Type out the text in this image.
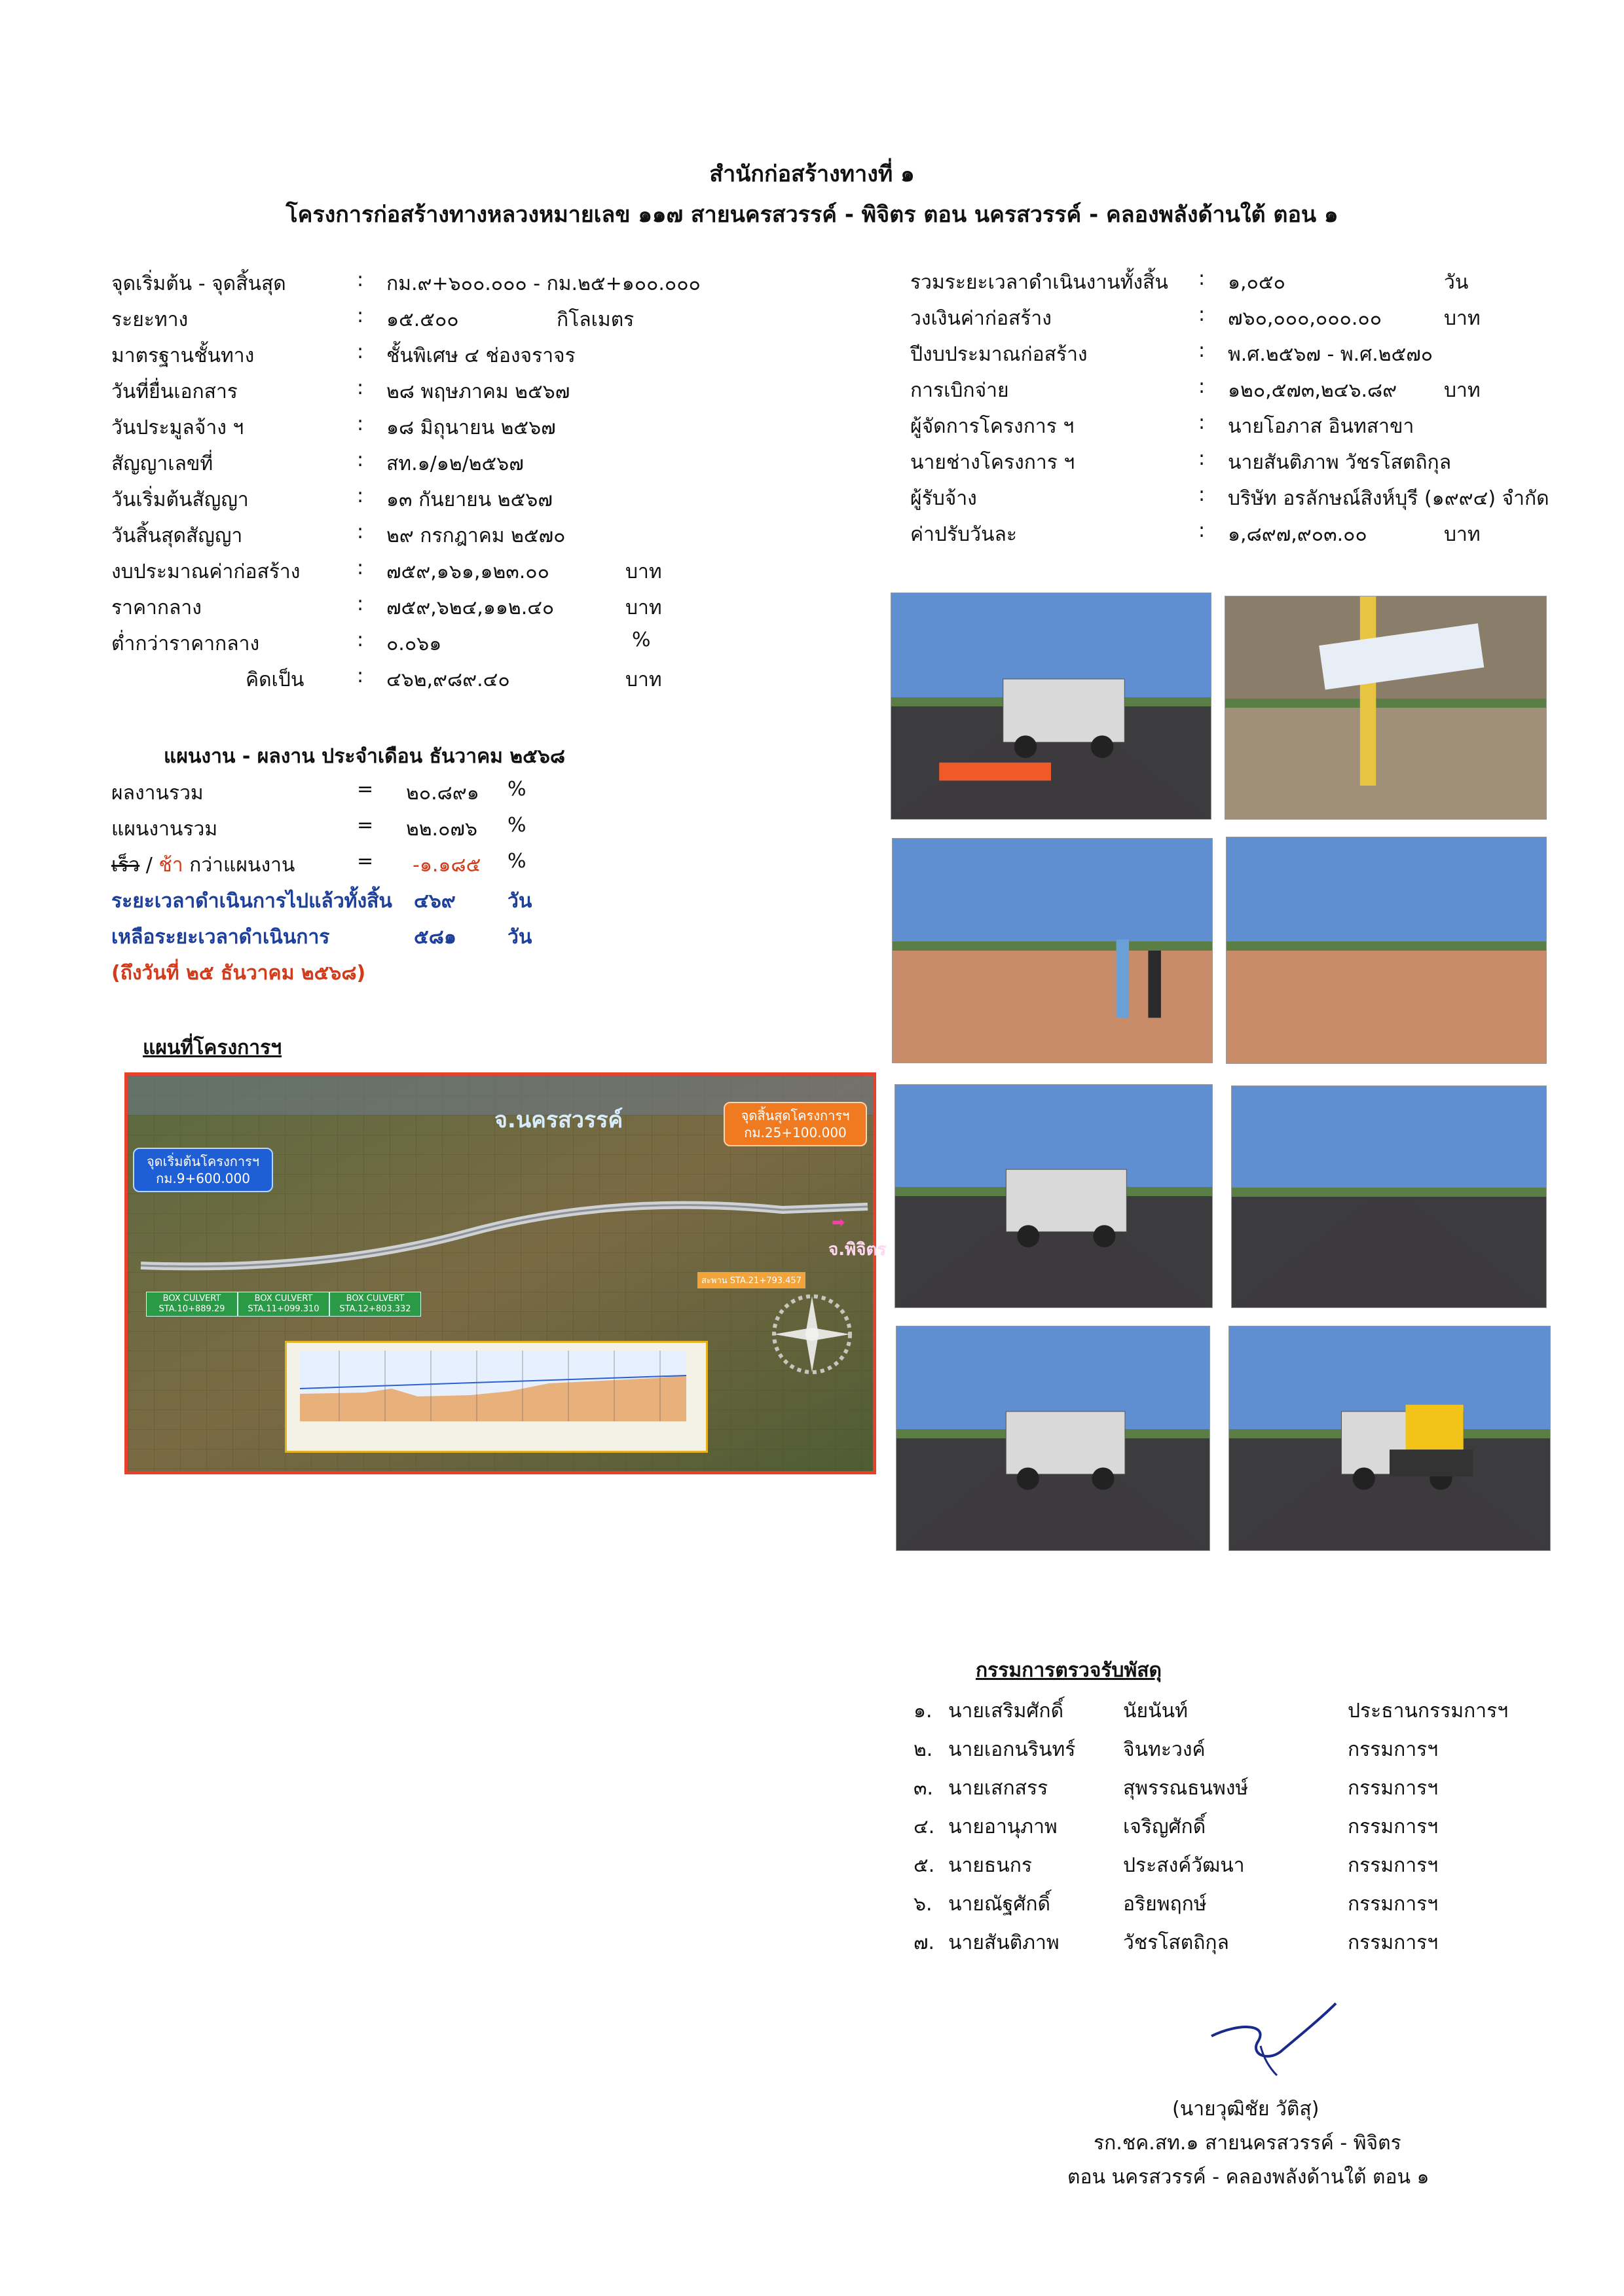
สำนักก่อสร้างทางที่ ๑
โครงการก่อสร้างทางหลวงหมายเลข ๑๑๗ สายนครสวรรค์ - พิจิตร ตอน นครสวรรค์ - คลองพลังด้านใต้ ตอน ๑
จุดเริ่มต้น - จุดสิ้นสุด	: กม.๙+๖๐๐.๐๐๐ - กม.๒๕+๑๐๐.๐๐๐
ระยะทาง	: ๑๕.๕๐๐	กิโลเมตร
มาตรฐานชั้นทาง	: ชั้นพิเศษ ๔ ช่องจราจร
วันที่ยื่นเอกสาร	: ๒๘ พฤษภาคม ๒๕๖๗
วันประมูลจ้าง ฯ	: ๑๘ มิถุนายน ๒๕๖๗
สัญญาเลขที่	: สท.๑/๑๒/๒๕๖๗
วันเริ่มต้นสัญญา	: ๑๓ กันยายน ๒๕๖๗
วันสิ้นสุดสัญญา	: ๒๙ กรกฎาคม ๒๕๗๐
งบประมาณค่าก่อสร้าง	: ๗๕๙,๑๖๑,๑๒๓.๐๐	บาท
ราคากลาง	: ๗๕๙,๖๒๔,๑๑๒.๔๐	บาท
ต่ำกว่าราคากลาง	: ๐.๐๖๑	%
คิดเป็น	: ๔๖๒,๙๘๙.๔๐	บาท
รวมระยะเวลาดำเนินงานทั้งสิ้น : ๑,๐๕๐	วัน
วงเงินค่าก่อสร้าง	: ๗๖๐,๐๐๐,๐๐๐.๐๐	บาท
ปีงบประมาณก่อสร้าง	: พ.ศ.๒๕๖๗ - พ.ศ.๒๕๗๐
การเบิกจ่าย	: ๑๒๐,๕๗๓,๒๔๖.๘๙ บาท
ผู้จัดการโครงการ ฯ	: นายโอภาส อินทสาขา
นายช่างโครงการ ฯ	: นายสันติภาพ วัชรโสตถิกุล
ผู้รับจ้าง	: บริษัท อรลักษณ์สิงห์บุรี (๑๙๙๔) จำกัด
ค่าปรับวันละ	: ๑,๘๙๗,๙๐๓.๐๐	บาท
แผนงาน - ผลงาน ประจำเดือน ธันวาคม ๒๕๖๘
ผลงานรวม	= ๒๐.๘๙๑ %
แผนงานรวม	= ๒๒.๐๗๖ %
เร็ว / ช้า กว่าแผนงาน	= -๑.๑๘๕ %
ระยะเวลาดำเนินการไปแล้วทั้งสิ้น ๔๖๙	วัน
เหลือระยะเวลาดำเนินการ	๕๘๑	วัน
(ถึงวันที่ ๒๕ ธันวาคม ๒๕๖๘)
แผนที่โครงการฯ
จ.นครสวรรค์
จุดเริ่มต้นโครงการฯ
กม.9+600.000
จุดสิ้นสุดโครงการฯ
กม.25+100.000
จ.พิจิตร
➡
BOX CULVERT STA.10+889.29
BOX CULVERT STA.11+099.310
BOX CULVERT STA.12+803.332
สะพาน STA.21+793.457
กรรมการตรวจรับพัสดุ
๑. นายเสริมศักดิ์	นัยนันท์	ประธานกรรมการฯ
๒. นายเอกนรินทร์ จินทะวงค์	กรรมการฯ
๓. นายเสกสรร	สุพรรณธนพงษ์	กรรมการฯ
๔. นายอานุภาพ	เจริญศักดิ์	กรรมการฯ
๕. นายธนกร	ประสงค์วัฒนา	กรรมการฯ
๖. นายณัฐศักดิ์	อริยพฤกษ์	กรรมการฯ
๗. นายสันติภาพ	วัชรโสตถิกุล	กรรมการฯ
(นายวุฒิชัย วัติสุ)
รก.ชค.สท.๑ สายนครสวรรค์ - พิจิตร
ตอน นครสวรรค์ - คลองพลังด้านใต้ ตอน ๑
